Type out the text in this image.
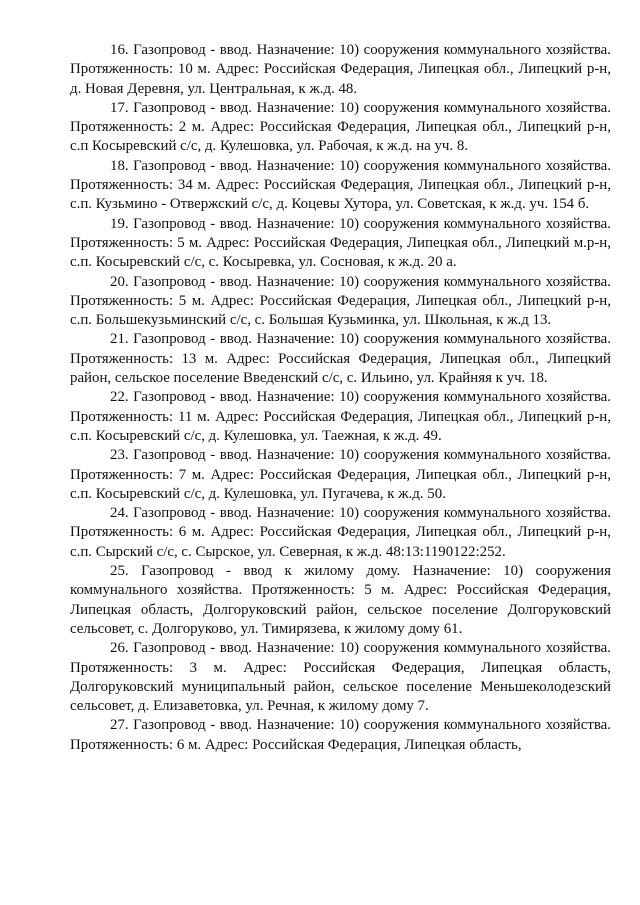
16. Газопровод - ввод. Назначение: 10) сооружения коммунального хозяйства. Протяженность: 10 м. Адрес: Российская Федерация, Липецкая обл., Липецкий р-н, д. Новая Деревня, ул. Центральная, к ж.д. 48.

17. Газопровод - ввод. Назначение: 10) сооружения коммунального хозяйства. Протяженность: 2 м. Адрес: Российская Федерация, Липецкая обл., Липецкий р-н, с.п Косыревский с/с, д. Кулешовка, ул. Рабочая, к ж.д. на уч. 8.

18. Газопровод - ввод. Назначение: 10) сооружения коммунального хозяйства. Протяженность: 34 м. Адрес: Российская Федерация, Липецкая обл., Липецкий р-н, с.п. Кузьмино - Отвержский с/с, д. Коцевы Хутора, ул. Советская, к ж.д. уч. 154 б.

19. Газопровод - ввод. Назначение: 10) сооружения коммунального хозяйства. Протяженность: 5 м. Адрес: Российская Федерация, Липецкая обл., Липецкий м.р-н, с.п. Косыревский с/с, с. Косыревка, ул. Сосновая, к ж.д. 20 а.

20. Газопровод - ввод. Назначение: 10) сооружения коммунального хозяйства. Протяженность: 5 м. Адрес: Российская Федерация, Липецкая обл., Липецкий р-н, с.п. Большекузьминский с/с, с. Большая Кузьминка, ул. Школьная, к ж.д 13.

21. Газопровод - ввод. Назначение: 10) сооружения коммунального хозяйства. Протяженность: 13 м. Адрес: Российская Федерация, Липецкая обл., Липецкий район, сельское поселение Введенский с/с, с. Ильино, ул. Крайняя к уч. 18.

22. Газопровод - ввод. Назначение: 10) сооружения коммунального хозяйства. Протяженность: 11 м. Адрес: Российская Федерация, Липецкая обл., Липецкий р-н, с.п. Косыревский с/с, д. Кулешовка, ул. Таежная, к ж.д. 49.

23. Газопровод - ввод. Назначение: 10) сооружения коммунального хозяйства. Протяженность: 7 м. Адрес: Российская Федерация, Липецкая обл., Липецкий р-н, с.п. Косыревский с/с, д. Кулешовка, ул. Пугачева, к ж.д. 50.

24. Газопровод - ввод. Назначение: 10) сооружения коммунального хозяйства. Протяженность: 6 м. Адрес: Российская Федерация, Липецкая обл., Липецкий р-н, с.п. Сырский с/с, с. Сырское, ул. Северная, к ж.д. 48:13:1190122:252.

25. Газопровод - ввод к жилому дому. Назначение: 10) сооружения коммунального хозяйства. Протяженность: 5 м. Адрес: Российская Федерация, Липецкая область, Долгоруковский район, сельское поселение Долгоруковский сельсовет, с. Долгоруково, ул. Тимирязева, к жилому дому 61.

26. Газопровод - ввод. Назначение: 10) сооружения коммунального хозяйства. Протяженность: 3 м. Адрес: Российская Федерация, Липецкая область, Долгоруковский муниципальный район, сельское поселение Меньшеколодезский сельсовет, д. Елизаветовка, ул. Речная, к жилому дому 7.

27. Газопровод - ввод. Назначение: 10) сооружения коммунального хозяйства. Протяженность: 6 м. Адрес: Российская Федерация, Липецкая область,
